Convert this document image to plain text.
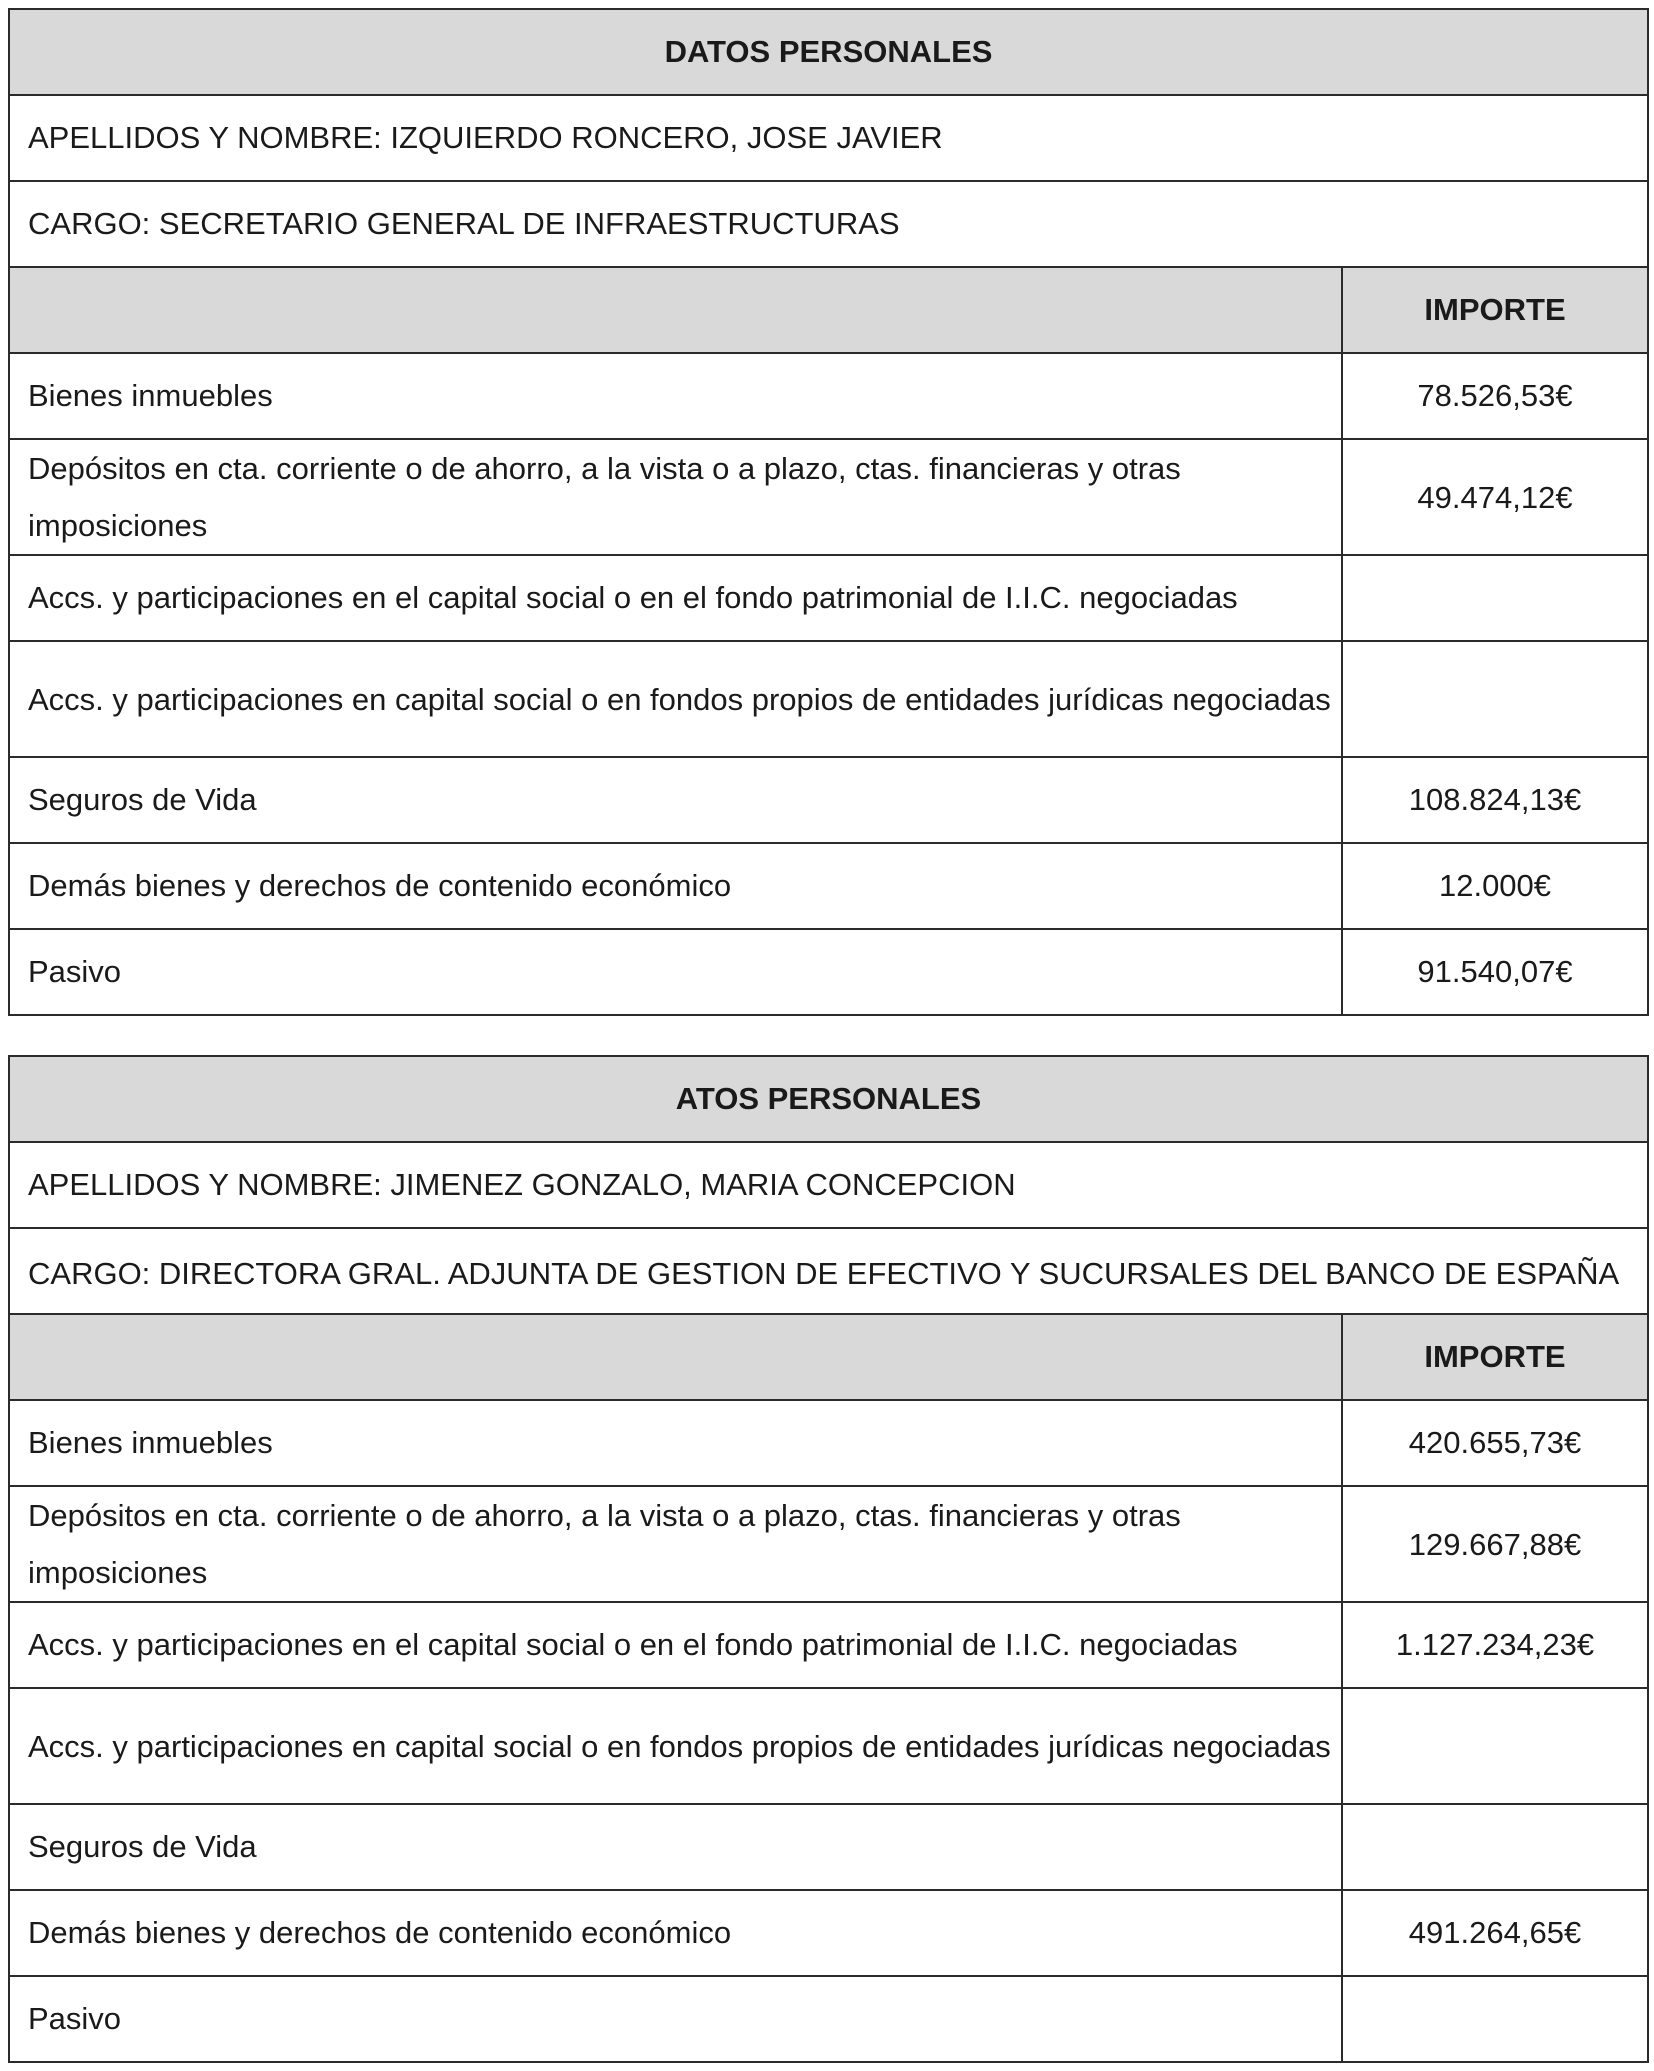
DATOS PERSONALES	
APELLIDOS Y NOMBRE: IZQUIERDO RONCERO, JOSE JAVIER	
CARGO: SECRETARIO GENERAL DE INFRAESTRUCTURAS	
	IMPORTE
Bienes inmuebles	78.526,53€
Depósitos en cta. corriente o de ahorro, a la vista o a plazo, ctas. financieras y otras imposiciones	49.474,12€
Accs. y participaciones en el capital social o en el fondo patrimonial de I.I.C. negociadas	
Accs. y participaciones en capital social o en fondos propios de entidades jurídicas negociadas	
Seguros de Vida	108.824,13€
Demás bienes y derechos de contenido económico	12.000€
Pasivo	91.540,07€
ATOS PERSONALES	
APELLIDOS Y NOMBRE: JIMENEZ GONZALO, MARIA CONCEPCION	
CARGO: DIRECTORA GRAL. ADJUNTA DE GESTION DE EFECTIVO Y SUCURSALES DEL BANCO DE ESPAÑA	
	IMPORTE
Bienes inmuebles	420.655,73€
Depósitos en cta. corriente o de ahorro, a la vista o a plazo, ctas. financieras y otras imposiciones	129.667,88€
Accs. y participaciones en el capital social o en el fondo patrimonial de I.I.C. negociadas	1.127.234,23€
Accs. y participaciones en capital social o en fondos propios de entidades jurídicas negociadas	
Seguros de Vida	
Demás bienes y derechos de contenido económico	491.264,65€
Pasivo	
